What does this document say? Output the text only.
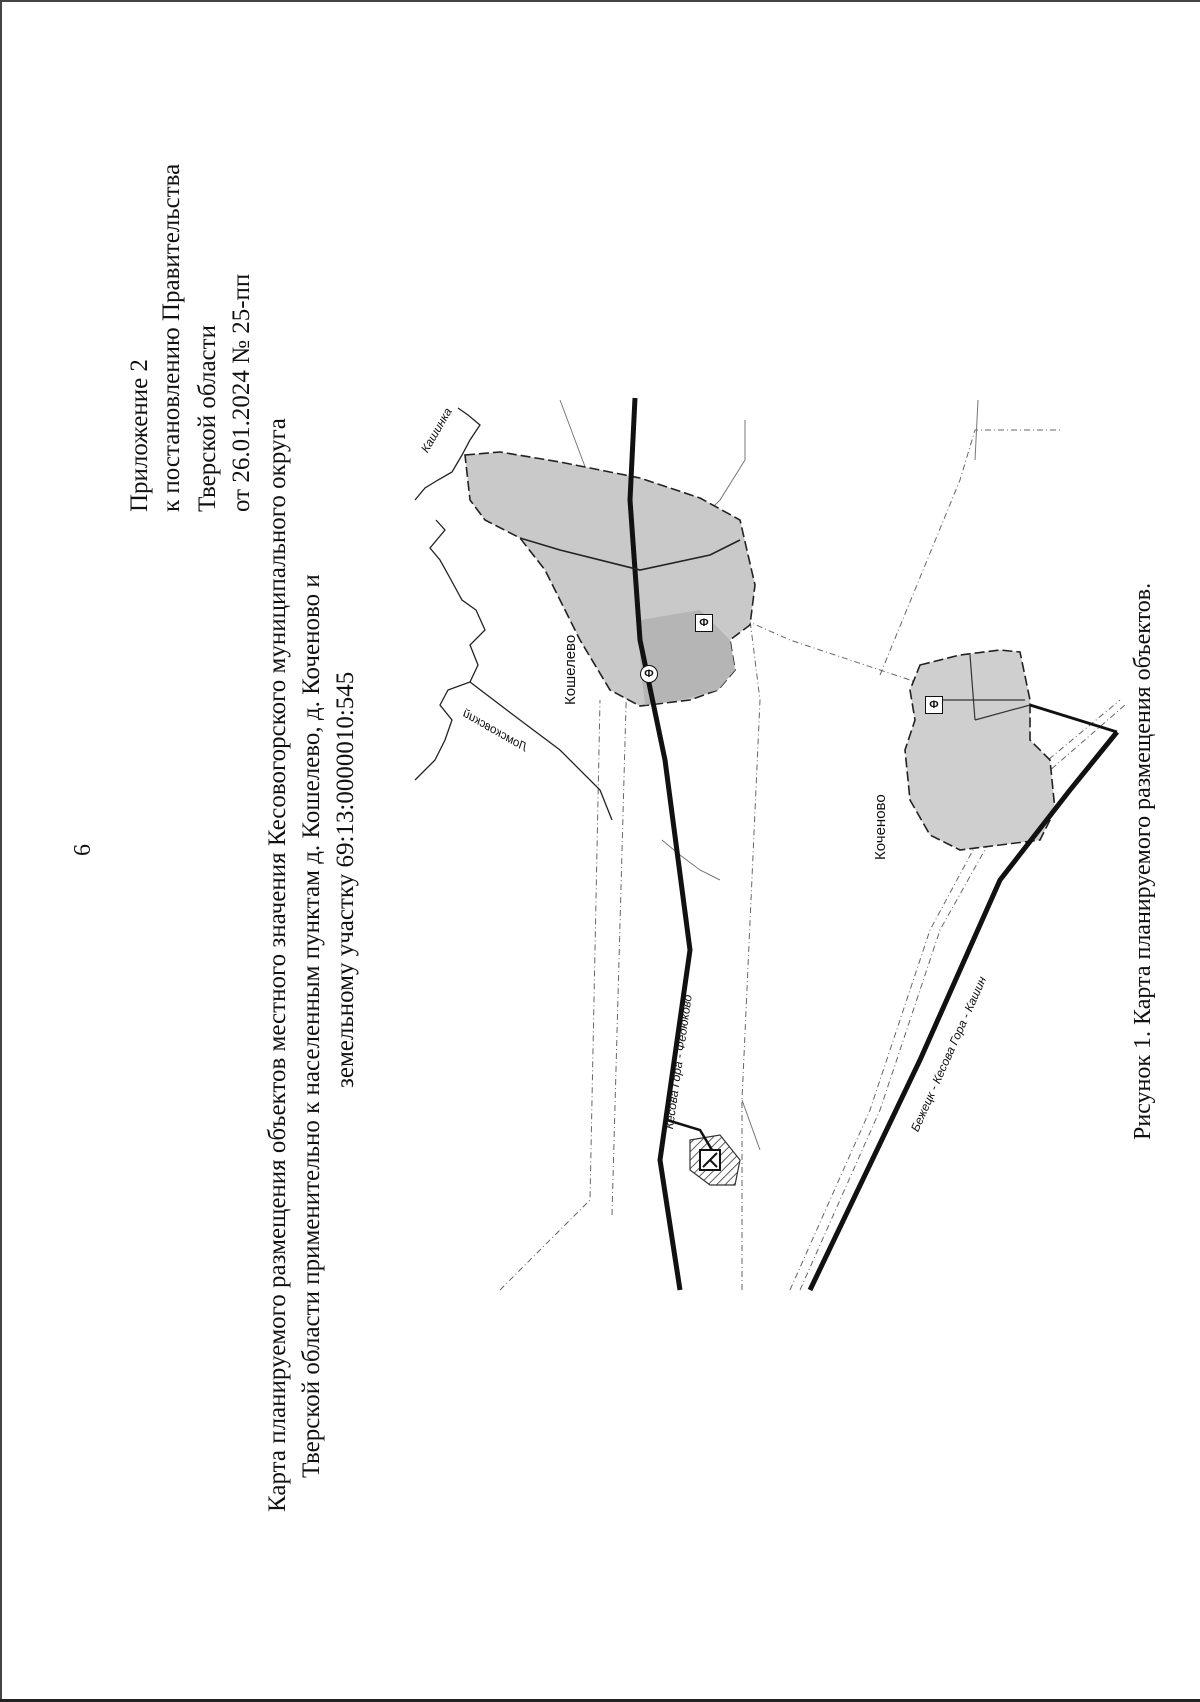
6
Приложение 2 к постановлению Правительства Тверской области от 26.01.2024 № 25-пп
Карта планируемого размещения объектов местного значения Кесовогорского муниципального округа Тверской области применительно к населенным пунктам д. Кошелево, д. Коченово и земельному участку 69:13:0000010:545	Ф
Ф
Ф
Кошелево
Коченово
Кашинка
Ломсковский
Кесова Гора - Федюково	Бежецк - Кесова Гора - Кашин	Рисунок 1. Карта планируемого размещения объектов.
